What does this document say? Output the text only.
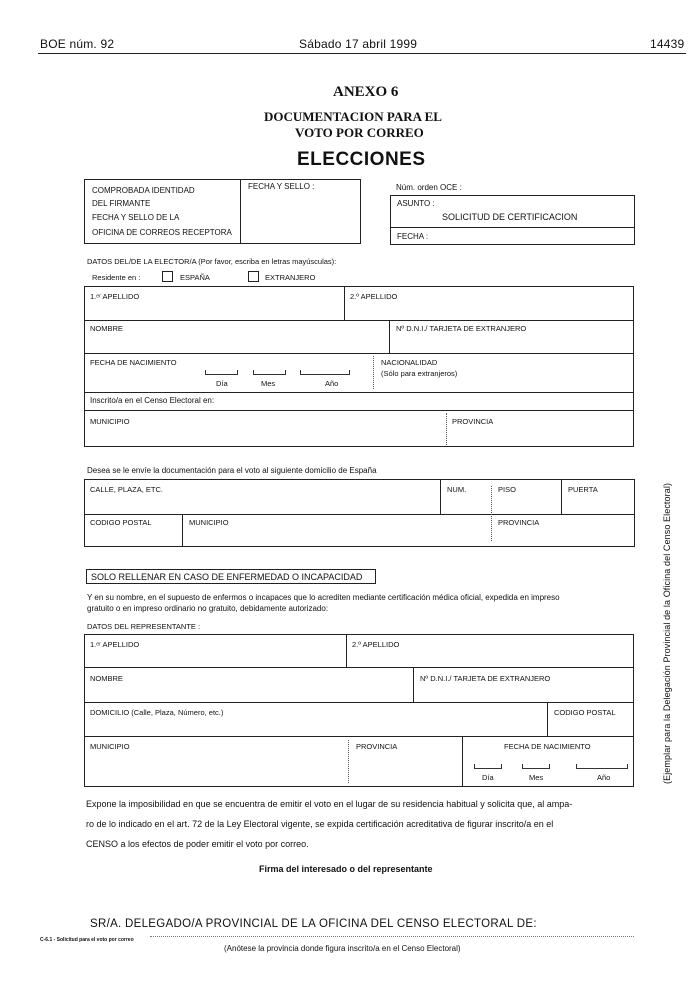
BOE núm. 92	Sábado 17 abril 1999	14439
ANEXO 6
DOCUMENTACION PARA EL
VOTO POR CORREO
ELECCIONES
COMPROBADA IDENTIDAD
DEL FIRMANTE
FECHA Y SELLO DE LA
OFICINA DE CORREOS RECEPTORA
FECHA Y SELLO :	Núm. orden OCE :
ASUNTO :
SOLICITUD DE CERTIFICACION
FECHA :
DATOS DEL/DE LA ELECTOR/A (Por favor, escriba en letras mayúsculas):
Residente en :	ESPAÑA	EXTRANJERO
1.ᵉʳ APELLIDO	2.º APELLIDO
NOMBRE	Nº D.N.I./ TARJETA DE EXTRANJERO
FECHA DE NACIMIENTO
Día	Mes	Año
NACIONALIDAD
(Sólo para extranjeros)
Inscrito/a en el Censo Electoral en:
MUNICIPIO	PROVINCIA
Desea se le envíe la documentación para el voto al siguiente domicilio de España
CALLE, PLAZA, ETC.	NUM.	PISO	PUERTA
CODIGO POSTAL	MUNICIPIO	PROVINCIA
SOLO RELLENAR EN CASO DE ENFERMEDAD O INCAPACIDAD
Y en su nombre, en el supuesto de enfermos o incapaces que lo acrediten mediante certificación médica oficial, expedida en impreso
gratuito o en impreso ordinario no gratuito, debidamente autorizado:
DATOS DEL REPRESENTANTE :
1.ᵉʳ APELLIDO	2.º APELLIDO
NOMBRE	Nº D.N.I./ TARJETA DE EXTRANJERO
DOMICILIO (Calle, Plaza, Número, etc.)	CODIGO POSTAL
MUNICIPIO	PROVINCIA	FECHA DE NACIMIENTO
Día	Mes	Año
Expone la imposibilidad en que se encuentra de emitir el voto en el lugar de su residencia habitual y solicita que, al ampa-
ro de lo indicado en el art. 72 de la Ley Electoral vigente, se expida certificación acreditativa de figurar inscrito/a en el
CENSO a los efectos de poder emitir el voto por correo.
Firma del interesado o del representante
SR/A. DELEGADO/A PROVINCIAL DE LA OFICINA DEL CENSO ELECTORAL DE:
C-6.1 - Solicitud para el voto por correo
(Anótese la provincia donde figura inscrito/a en el Censo Electoral)
(Ejemplar para la Delegación Provincial de la Oficina del Censo Electoral)
